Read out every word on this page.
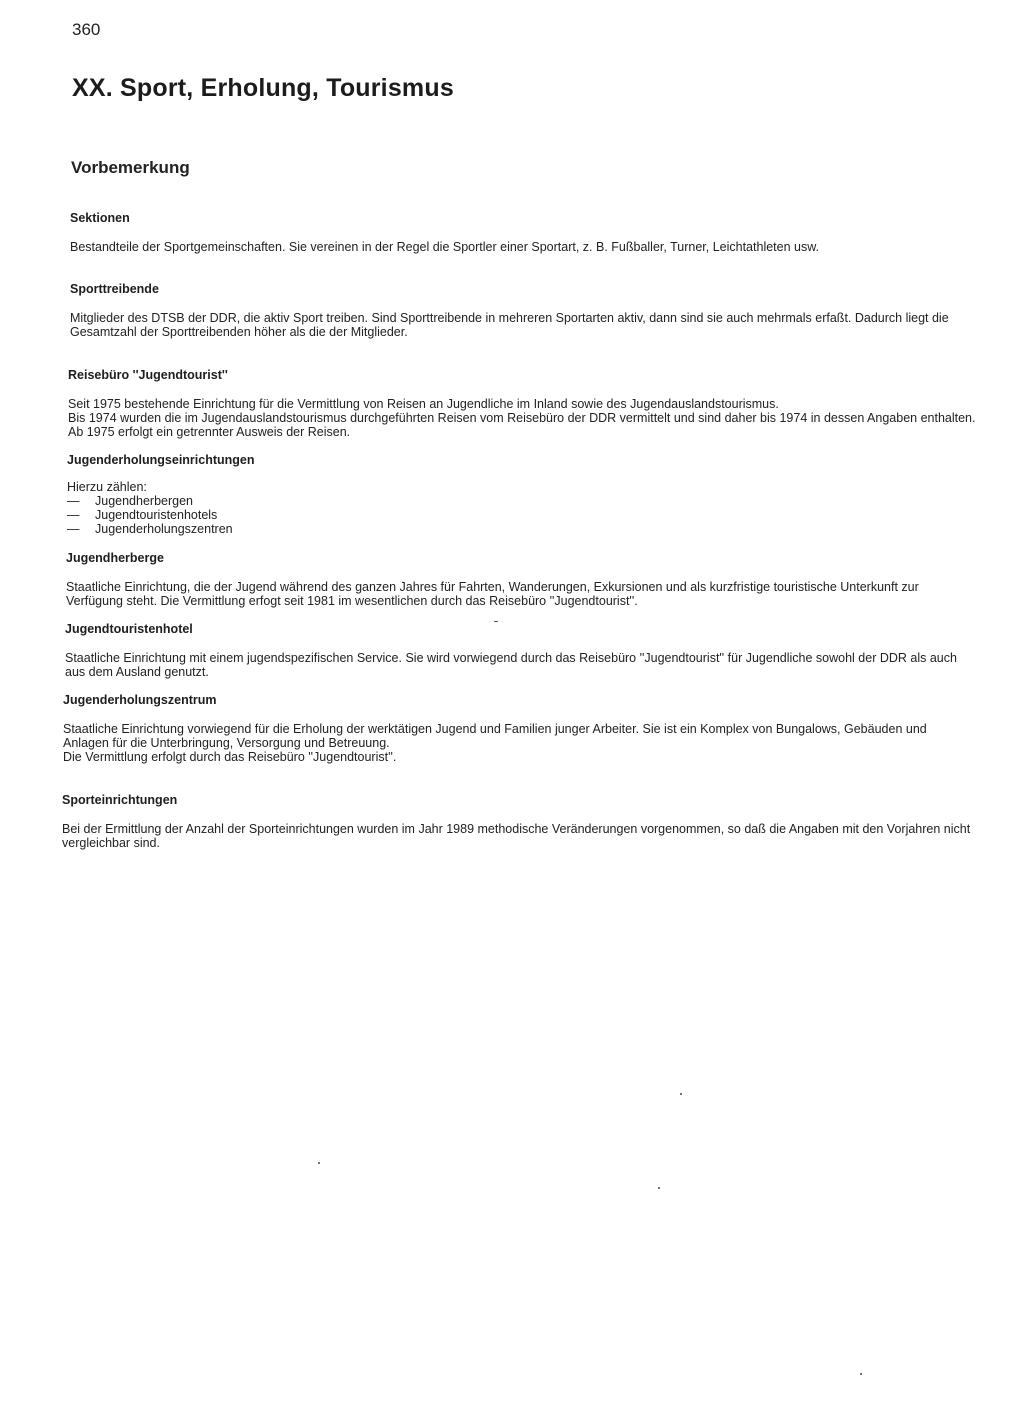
360
XX. Sport, Erholung, Tourismus
Vorbemerkung
Sektionen

Bestandteile der Sportgemeinschaften. Sie vereinen in der Regel die Sportler einer Sportart, z. B. Fußballer, Turner, Leichtathleten usw.

Sporttreibende

Mitglieder des DTSB der DDR, die aktiv Sport treiben. Sind Sporttreibende in mehreren Sportarten aktiv, dann sind sie auch mehrmals erfaßt. Dadurch liegt die Gesamtzahl der Sporttreibenden höher als die der Mitglieder.

Reisebüro ''Jugendtourist''

Seit 1975 bestehende Einrichtung für die Vermittlung von Reisen an Jugendliche im Inland sowie des Jugendauslandstourismus.

Bis 1974 wurden die im Jugendauslandstourismus durchgeführten Reisen vom Reisebüro der DDR vermittelt und sind daher bis 1974 in dessen Angaben enthalten. Ab 1975 erfolgt ein getrennter Ausweis der Reisen.

Jugenderholungseinrichtungen

Hierzu zählen:

— Jugendherbergen
— Jugendtouristenhotels
— Jugenderholungszentren
Jugendherberge

Staatliche Einrichtung, die der Jugend während des ganzen Jahres für Fahrten, Wanderungen, Exkursionen und als kurzfristige touristische Unterkunft zur Verfügung steht. Die Vermittlung erfogt seit 1981 im wesentlichen durch das Reisebüro ''Jugendtourist''.

Jugendtouristenhotel

Staatliche Einrichtung mit einem jugendspezifischen Service. Sie wird vorwiegend durch das Reisebüro ''Jugendtourist'' für Jugendliche sowohl der DDR als auch aus dem Ausland genutzt.

Jugenderholungszentrum

Staatliche Einrichtung vorwiegend für die Erholung der werktätigen Jugend und Familien junger Arbeiter. Sie ist ein Komplex von Bungalows, Gebäuden und Anlagen für die Unterbringung, Versorgung und Betreuung.

Die Vermittlung erfolgt durch das Reisebüro ''Jugendtourist''.

Sporteinrichtungen

Bei der Ermittlung der Anzahl der Sporteinrichtungen wurden im Jahr 1989 methodische Veränderungen vorgenommen, so daß die Angaben mit den Vorjahren nicht vergleichbar sind.
